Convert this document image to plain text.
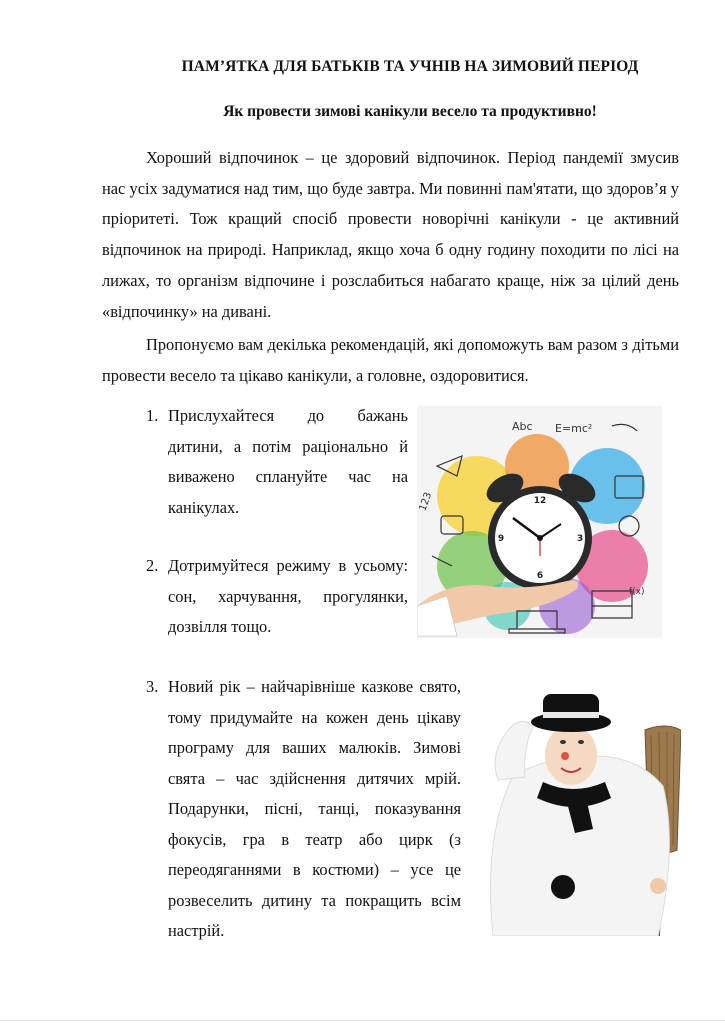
ПАМ’ЯТКА ДЛЯ БАТЬКІВ ТА УЧНІВ НА ЗИМОВИЙ ПЕРІОД
Як провести зимові канікули весело та продуктивно!

Хороший відпочинок – це здоровий відпочинок. Період пандемії змусив нас усіх задуматися над тим, що буде завтра. Ми повинні пам'ятати, що здоров’я у пріоритеті. Тож кращий спосіб провести новорічні канікули - це активний відпочинок на природі. Наприклад, якщо хоча б одну годину походити по лісі на лижах, то організм відпочине і розслабиться набагато краще, ніж за цілий день «відпочинку» на дивані.

Пропонуємо вам декілька рекомендацій, які допоможуть вам разом з дітьми провести весело та цікаво канікули, а головне, оздоровитися.

1. Прислухайтеся до бажань дитини, а потім раціонально й виважено сплануйте час на канікулах.
2. Дотримуйтеся режиму в усьому: сон, харчування, прогулянки, дозвілля тощо.
3. Новий рік – найчарівніше казкове свято, тому придумайте на кожен день цікаву програму для ваших малюків. Зимові свята – час здійснення дитячих мрій. Подарунки, пісні, танці, показування фокусів, гра в театр або цирк (з переодяганнями в костюми) – усе це розвеселить дитину та покращить всім настрій.
Abc E=mc²
123
f(x)
12
3
6
9
